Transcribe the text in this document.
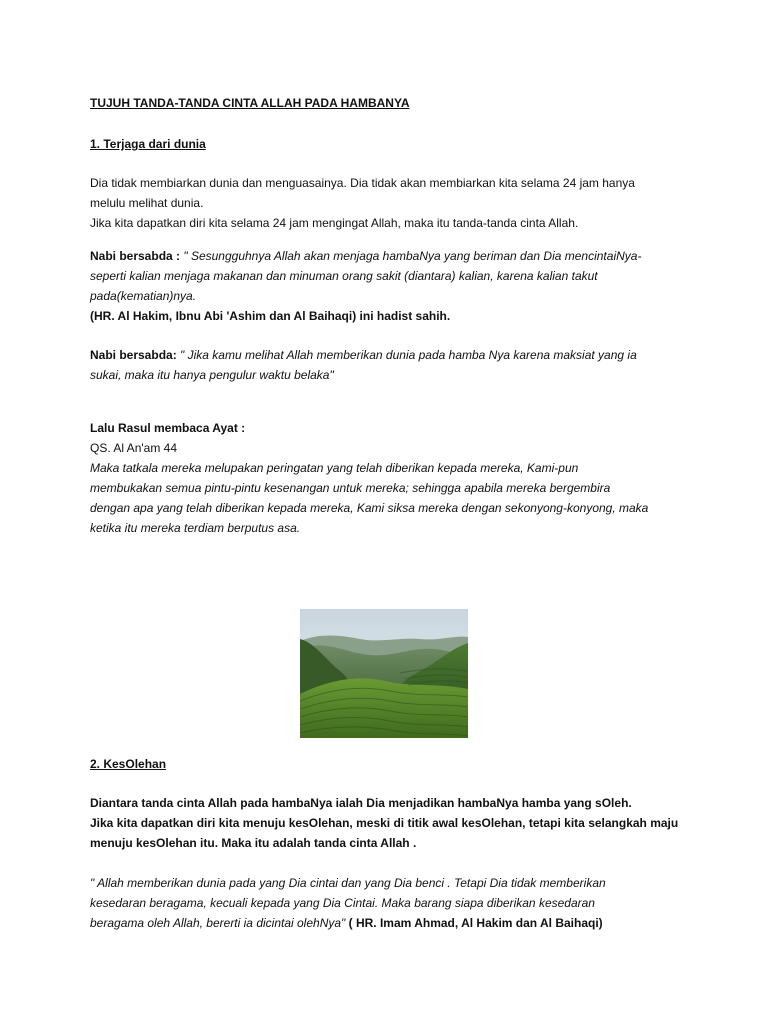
TUJUH TANDA-TANDA CINTA ALLAH PADA HAMBANYA
1. Terjaga dari dunia
Dia tidak membiarkan dunia dan menguasainya. Dia tidak akan membiarkan kita selama 24 jam hanya
melulu melihat dunia.
Jika kita dapatkan diri kita selama 24 jam mengingat Allah, maka itu tanda-tanda cinta Allah.
Nabi bersabda : " Sesungguhnya Allah akan menjaga hambaNya yang beriman dan Dia mencintaiNya-
seperti kalian menjaga makanan dan minuman orang sakit (diantara) kalian, karena kalian takut
pada(kematian)nya.
(HR. Al Hakim, Ibnu Abi 'Ashim dan Al Baihaqi) ini hadist sahih.
Nabi bersabda: " Jika kamu melihat Allah memberikan dunia pada hamba Nya karena maksiat yang ia
sukai, maka itu hanya pengulur waktu belaka"
Lalu Rasul membaca Ayat :
QS. Al An'am 44
Maka tatkala mereka melupakan peringatan yang telah diberikan kepada mereka, Kami-pun
membukakan semua pintu-pintu kesenangan untuk mereka; sehingga apabila mereka bergembira
dengan apa yang telah diberikan kepada mereka, Kami siksa mereka dengan sekonyong-konyong, maka
ketika itu mereka terdiam berputus asa.
2. KesOlehan
Diantara tanda cinta Allah pada hambaNya ialah Dia menjadikan hambaNya hamba yang sOleh.
Jika kita dapatkan diri kita menuju kesOlehan, meski di titik awal kesOlehan, tetapi kita selangkah maju
menuju kesOlehan itu. Maka itu adalah tanda cinta Allah .
" Allah memberikan dunia pada yang Dia cintai dan yang Dia benci . Tetapi Dia tidak memberikan
kesedaran beragama, kecuali kepada yang Dia Cintai. Maka barang siapa diberikan kesedaran
beragama oleh Allah, bererti ia dicintai olehNya" ( HR. Imam Ahmad, Al Hakim dan Al Baihaqi)
